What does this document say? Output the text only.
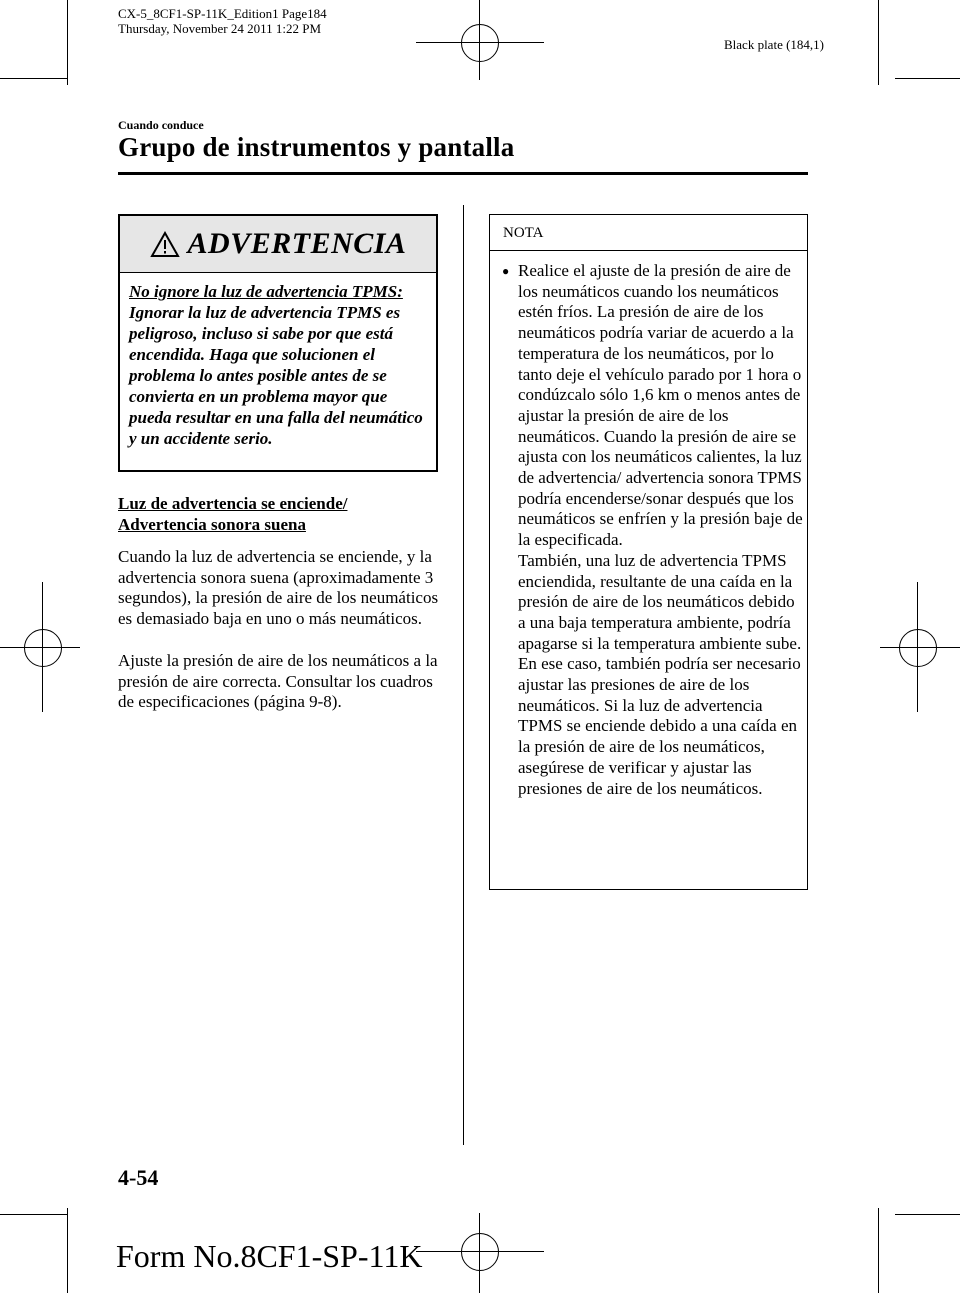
CX-5_8CF1-SP-11K_Edition1 Page184
Thursday, November 24 2011 1:22 PM
Black plate (184,1)
Cuando conduce
Grupo de instrumentos y pantalla
ADVERTENCIA

No ignore la luz de advertencia TPMS:

Ignorar la luz de advertencia TPMS es peligroso, incluso si sabe por que está encendida. Haga que solucionen el problema lo antes posible antes de se convierta en un problema mayor que pueda resultar en una falla del neumático y un accidente serio.

Luz de advertencia se enciende/
Advertencia sonora suena

Cuando la luz de advertencia se enciende, y la advertencia sonora suena (aproximadamente 3 segundos), la presión de aire de los neumáticos es demasiado baja en uno o más neumáticos.

Ajuste la presión de aire de los neumáticos a la presión de aire correcta. Consultar los cuadros de especificaciones (página 9-8).

NOTA
● Realice el ajuste de la presión de aire de los neumáticos cuando los neumáticos estén fríos. La presión de aire de los neumáticos podría variar de acuerdo a la temperatura de los neumáticos, por lo tanto deje el vehículo parado por 1 hora o condúzcalo sólo 1,6 km o menos antes de ajustar la presión de aire de los neumáticos. Cuando la presión de aire se ajusta con los neumáticos calientes, la luz de advertencia/ advertencia sonora TPMS podría encenderse/sonar después que los neumáticos se enfríen y la presión baje de la especificada.
También, una luz de advertencia TPMS enciendida, resultante de una caída en la presión de aire de los neumáticos debido a una baja temperatura ambiente, podría apagarse si la temperatura ambiente sube. En ese caso, también podría ser necesario ajustar las presiones de aire de los neumáticos. Si la luz de advertencia TPMS se enciende debido a una caída en la presión de aire de los neumáticos, asegúrese de verificar y ajustar las presiones de aire de los neumáticos.
4-54
Form No.8CF1-SP-11K
